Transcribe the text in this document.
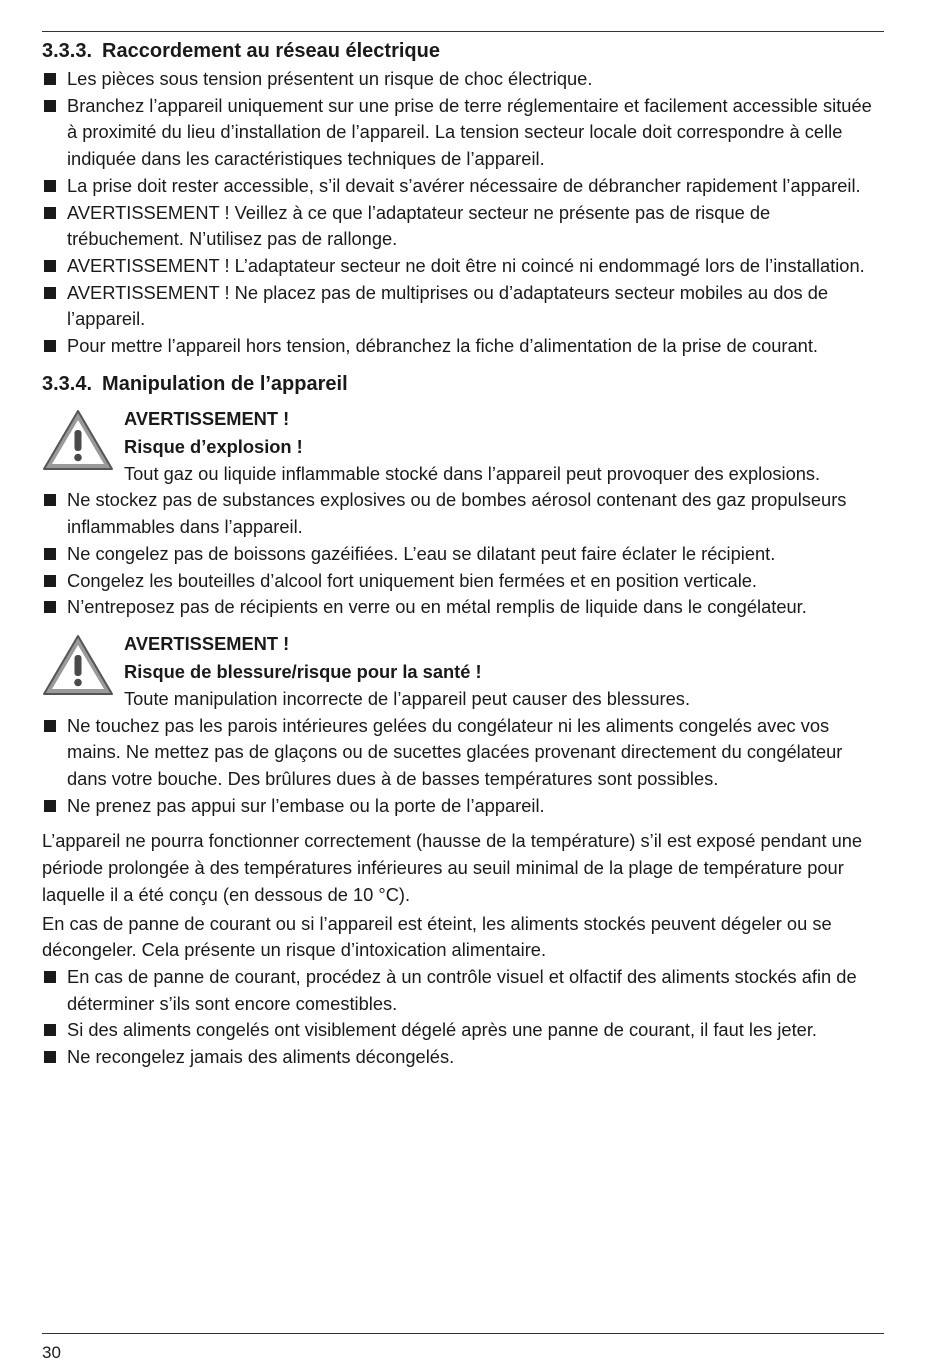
3.3.3. Raccordement au réseau électrique
Les pièces sous tension présentent un risque de choc électrique.
Branchez l’appareil uniquement sur une prise de terre réglementaire et facilement accessible située à proximité du lieu d’installation de l’appareil. La tension secteur locale doit correspondre à celle indiquée dans les caractéristiques techniques de l’appareil.
La prise doit rester accessible, s’il devait s’avérer nécessaire de débrancher rapidement l’appareil.
AVERTISSEMENT ! Veillez à ce que l’adaptateur secteur ne présente pas de risque de trébuchement. N’utilisez pas de rallonge.
AVERTISSEMENT ! L’adaptateur secteur ne doit être ni coincé ni endommagé lors de l’installation.
AVERTISSEMENT ! Ne placez pas de multiprises ou d’adaptateurs secteur mobiles au dos de l’appareil.
Pour mettre l’appareil hors tension, débranchez la fiche d’alimentation de la prise de courant.
3.3.4. Manipulation de l’appareil
AVERTISSEMENT !
Risque d’explosion !
Tout gaz ou liquide inflammable stocké dans l’appareil peut provoquer des explosions.
Ne stockez pas de substances explosives ou de bombes aérosol contenant des gaz propulseurs inflammables dans l’appareil.
Ne congelez pas de boissons gazéifiées. L’eau se dilatant peut faire éclater le récipient.
Congelez les bouteilles d’alcool fort uniquement bien fermées et en position verticale.
N’entreposez pas de récipients en verre ou en métal remplis de liquide dans le congélateur.
AVERTISSEMENT !
Risque de blessure/risque pour la santé !
Toute manipulation incorrecte de l’appareil peut causer des blessures.
Ne touchez pas les parois intérieures gelées du congélateur ni les aliments congelés avec vos mains. Ne mettez pas de glaçons ou de sucettes glacées provenant directement du congélateur dans votre bouche. Des brûlures dues à de basses températures sont possibles.
Ne prenez pas appui sur l’embase ou la porte de l’appareil.

L’appareil ne pourra fonctionner correctement (hausse de la température) s’il est exposé pendant une période prolongée à des températures inférieures au seuil minimal de la plage de température pour laquelle il a été conçu (en dessous de 10 °C).

En cas de panne de courant ou si l’appareil est éteint, les aliments stockés peuvent dégeler ou se décongeler. Cela présente un risque d’intoxication alimentaire.

En cas de panne de courant, procédez à un contrôle visuel et olfactif des aliments stockés afin de déterminer s’ils sont encore comestibles.
Si des aliments congelés ont visiblement dégelé après une panne de courant, il faut les jeter.
Ne recongelez jamais des aliments décongelés.
30
